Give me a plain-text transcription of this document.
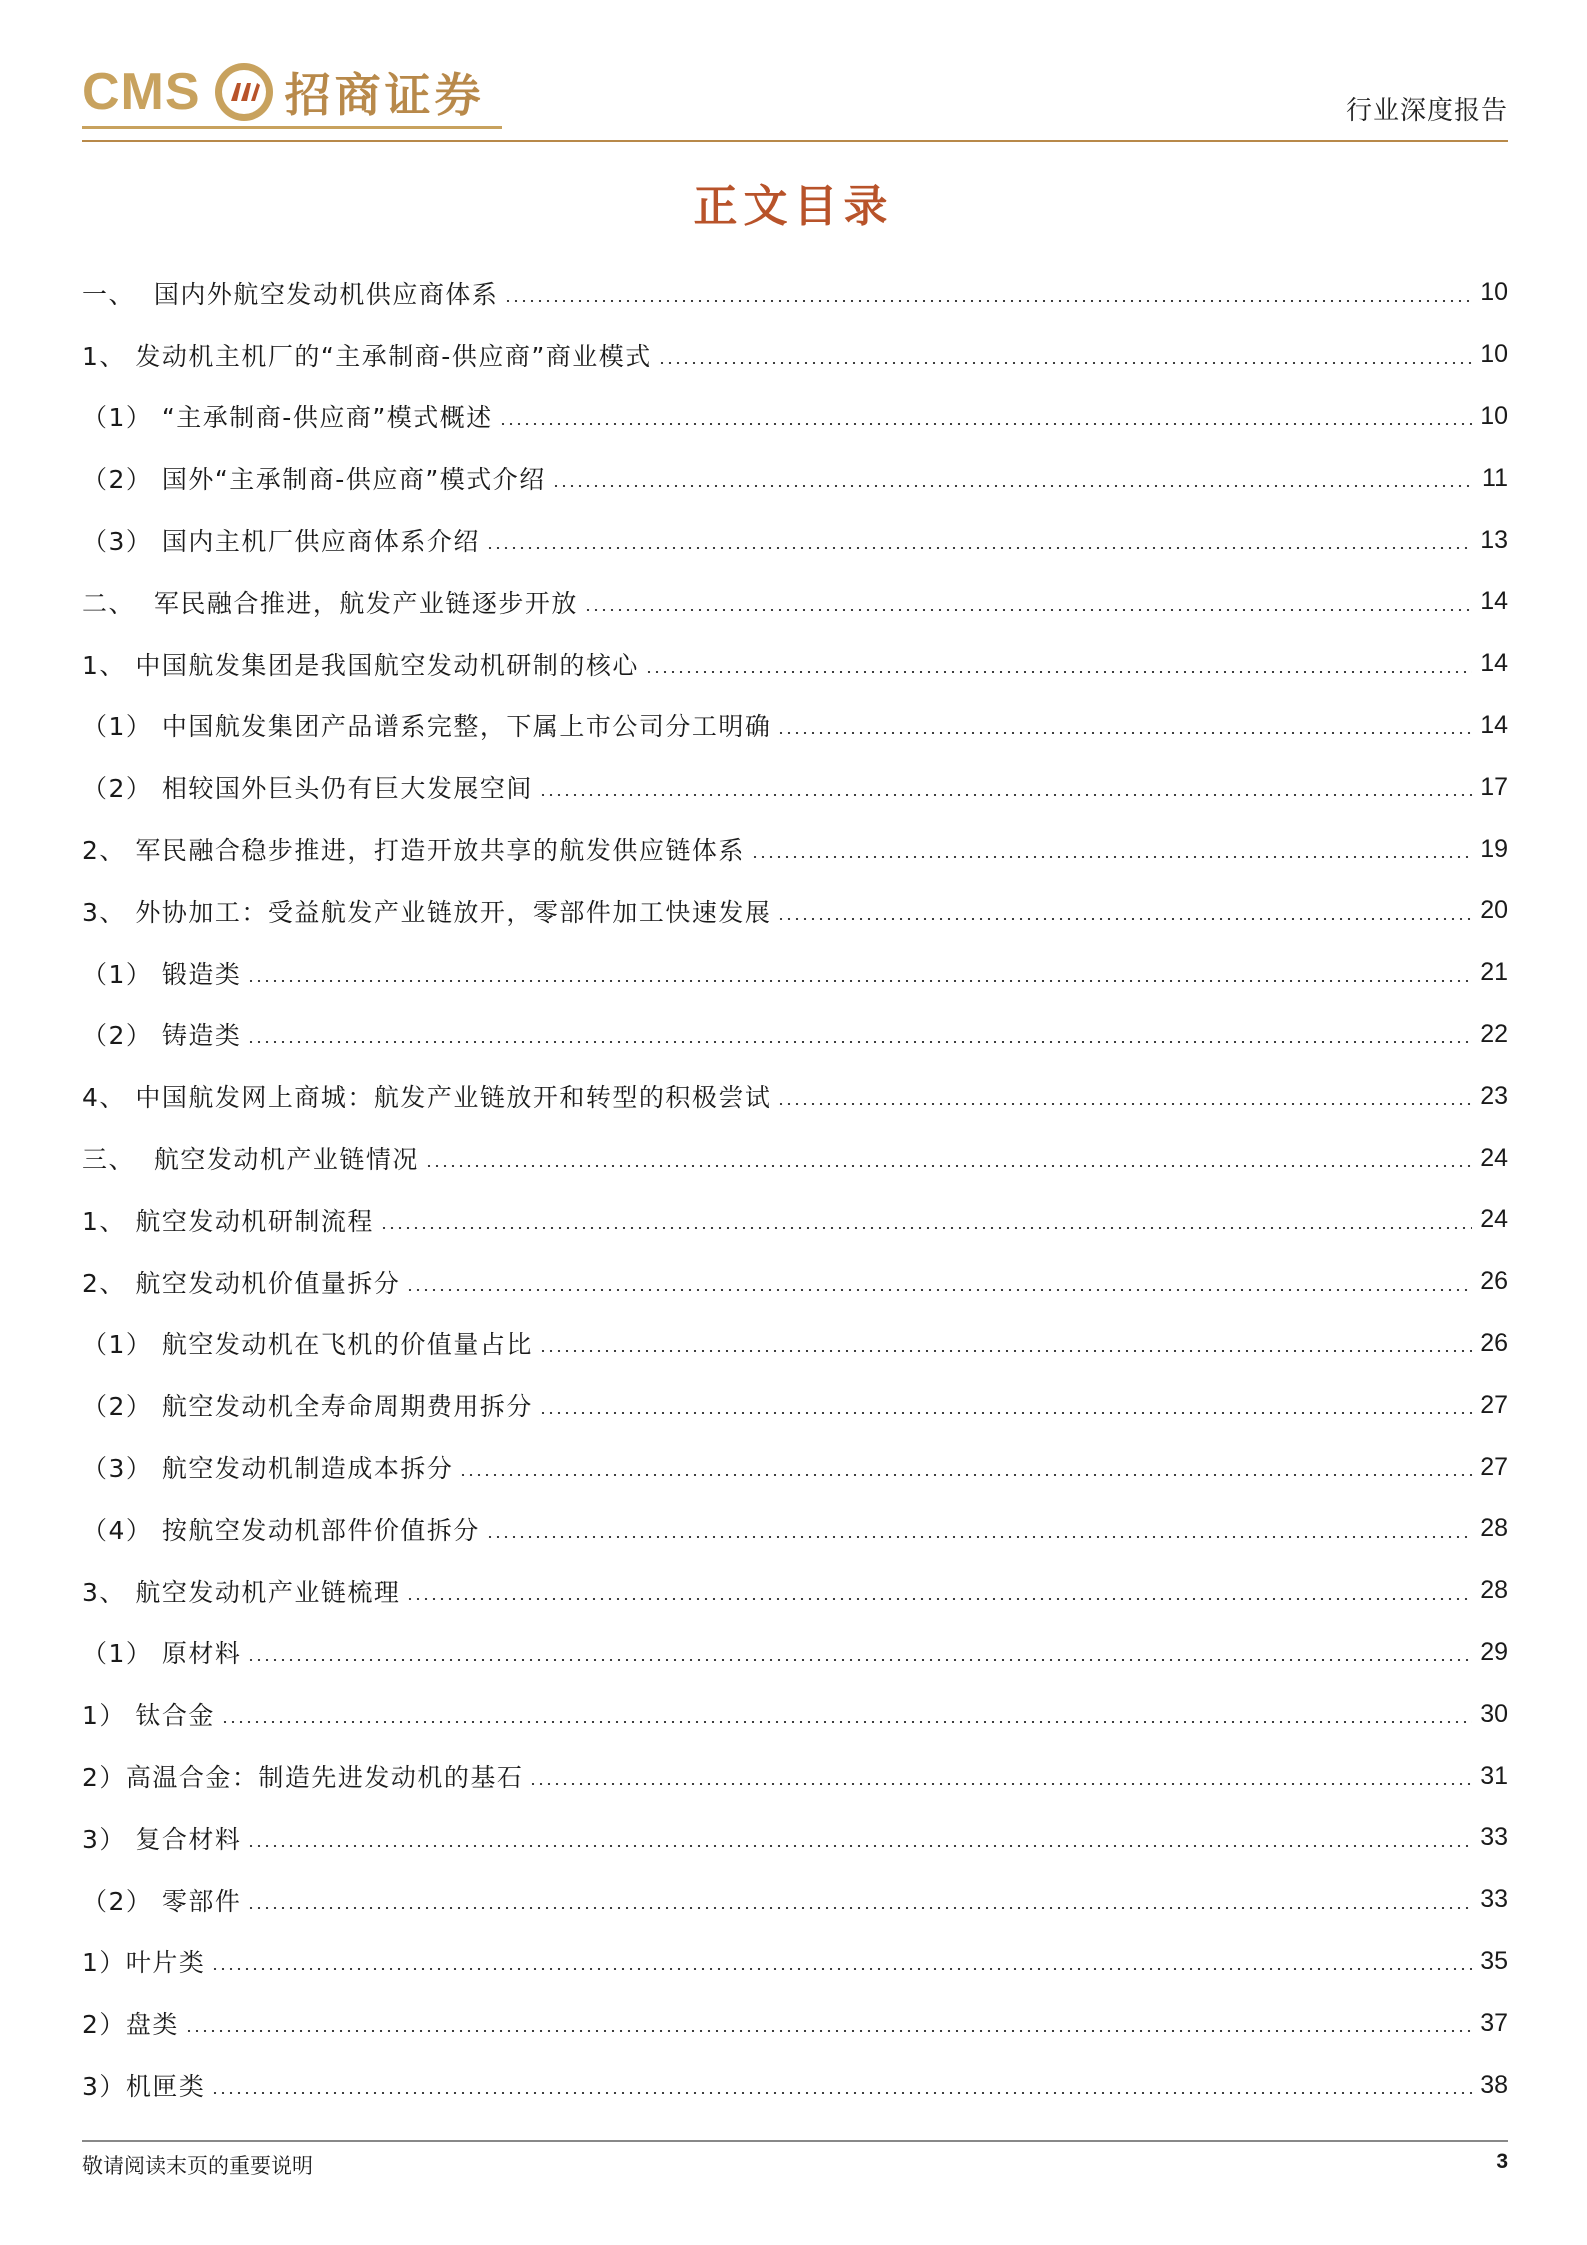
CMS 招商证券	行业深度报告
正文目录
一、  国内外航空发动机供应商体系	10
1、 发动机主机厂的“主承制商-供应商”商业模式	10
（1） “主承制商-供应商”模式概述	10
（2） 国外“主承制商-供应商”模式介绍	11
（3） 国内主机厂供应商体系介绍	13
二、  军民融合推进，航发产业链逐步开放	14
1、 中国航发集团是我国航空发动机研制的核心	14
（1） 中国航发集团产品谱系完整，下属上市公司分工明确	14
（2） 相较国外巨头仍有巨大发展空间	17
2、 军民融合稳步推进，打造开放共享的航发供应链体系	19
3、 外协加工：受益航发产业链放开，零部件加工快速发展	20
（1） 锻造类	21
（2） 铸造类	22
4、 中国航发网上商城：航发产业链放开和转型的积极尝试	23
三、  航空发动机产业链情况	24
1、 航空发动机研制流程	24
2、 航空发动机价值量拆分	26
（1） 航空发动机在飞机的价值量占比	26
（2） 航空发动机全寿命周期费用拆分	27
（3） 航空发动机制造成本拆分	27
（4） 按航空发动机部件价值拆分	28
3、 航空发动机产业链梳理	28
（1） 原材料	29
1） 钛合金	30
2）高温合金：制造先进发动机的基石	31
3） 复合材料	33
（2） 零部件	33
1）叶片类	35
2）盘类	37
3）机匣类	38
敬请阅读末页的重要说明	3
